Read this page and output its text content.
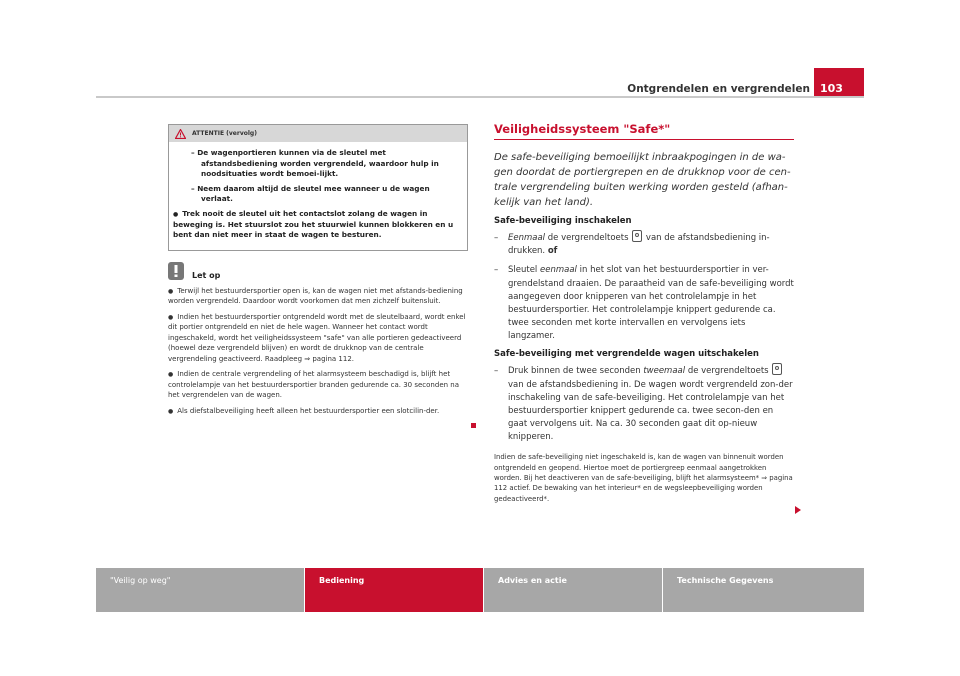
Ontgrendelen en vergrendelen 103
ATTENTIE (vervolg)
– De wagenportieren kunnen via de sleutel met afstandsbediening worden vergrendeld, waardoor hulp in noodsituaties wordt bemoei-lijkt.
– Neem daarom altijd de sleutel mee wanneer u de wagen verlaat.
● Trek nooit de sleutel uit het contactslot zolang de wagen in beweging is. Het stuurslot zou het stuurwiel kunnen blokkeren en u bent dan niet meer in staat de wagen te besturen.
Let op

● Terwijl het bestuurdersportier open is, kan de wagen niet met afstands-bediening worden vergrendeld. Daardoor wordt voorkomen dat men zichzelf buitensluit.

● Indien het bestuurdersportier ontgrendeld wordt met de sleutelbaard, wordt enkel dit portier ontgrendeld en niet de hele wagen. Wanneer het contact wordt ingeschakeld, wordt het veiligheidssysteem "safe" van alle portieren gedeactiveerd (hoewel deze vergrendeld blijven) en wordt de drukknop van de centrale vergrendeling geactiveerd. Raadpleeg ⇒ pagina 112.

● Indien de centrale vergrendeling of het alarmsysteem beschadigd is, blijft het controlelampje van het bestuurdersportier branden gedurende ca. 30 seconden na het vergrendelen van de wagen.

● Als diefstalbeveiliging heeft alleen het bestuurdersportier een slotcilin-der.

Veiligheidssysteem "Safe*"
De safe-beveiliging bemoeilijkt inbraakpogingen in de wa-gen doordat de portiergrepen en de drukknop voor de cen-trale vergrendeling buiten werking worden gesteld (afhan-kelijk van het land).
Safe-beveiliging inschakelen
– Eenmaal de vergrendeltoets van de afstandsbediening in-drukken. of
– Sleutel eenmaal in het slot van het bestuurdersportier in ver-grendelstand draaien. De paraatheid van de safe-beveiliging wordt aangegeven door knipperen van het controlelampje in het bestuurdersportier. Het controlelampje knippert gedurende ca. twee seconden met korte intervallen en vervolgens iets langzamer.
Safe-beveiliging met vergrendelde wagen uitschakelen
– Druk binnen de twee seconden tweemaal de vergrendeltoets  van de afstandsbediening in. De wagen wordt vergrendeld zon-der inschakeling van de safe-beveiliging. Het controlelampje van het bestuurdersportier knippert gedurende ca. twee secon-den en gaat vervolgens uit. Na ca. 30 seconden gaat dit op-nieuw knipperen.
Indien de safe-beveiliging niet ingeschakeld is, kan de wagen van binnenuit worden ontgrendeld en geopend. Hiertoe moet de portiergreep eenmaal aangetrokken worden. Bij het deactiveren van de safe-beveiliging, blijft het alarmsysteem* ⇒ pagina 112 actief. De bewaking van het interieur* en de wegsleepbeveiliging worden gedeactiveerd*.
"Veilig op weg"	Bediening	Advies en actie	Technische Gegevens
